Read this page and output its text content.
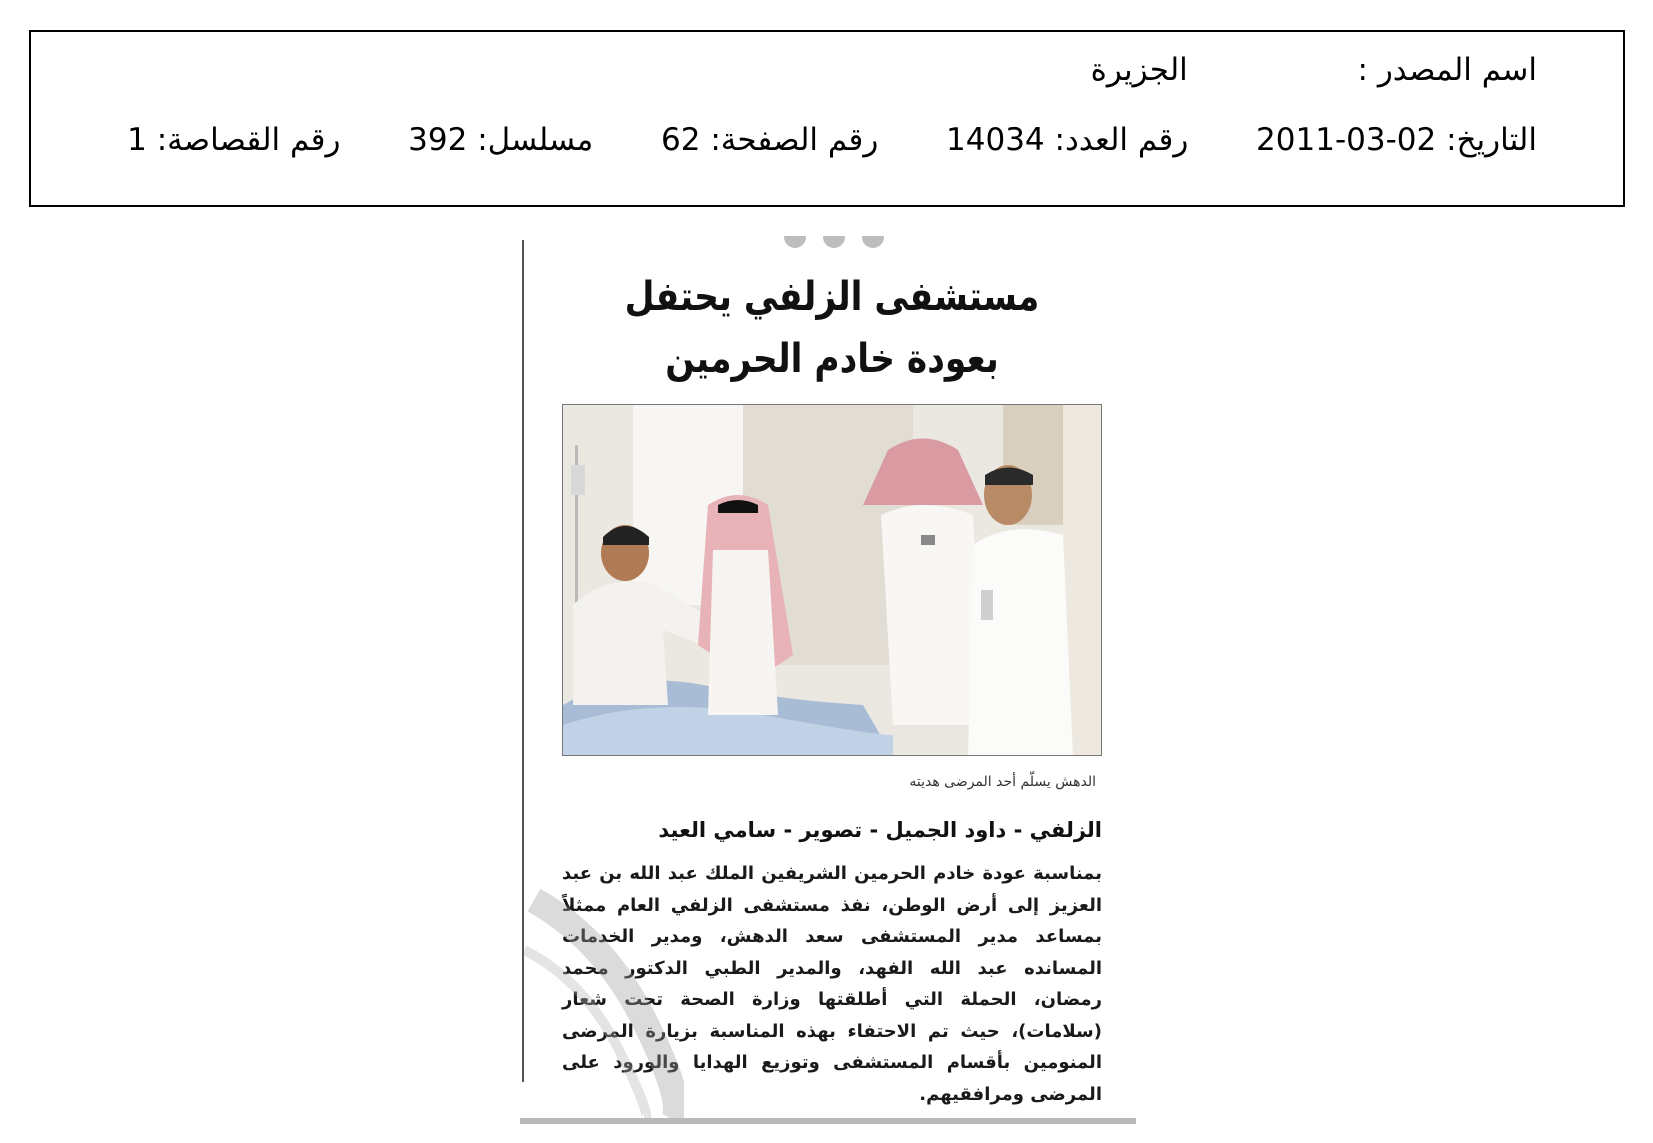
اسم المصدر :  الجزيرة
التاريخ: 2011-03-02  رقم العدد: 14034  رقم الصفحة: 62  مسلسل: 392  رقم القصاصة: 1
مستشفى الزلفي يحتفل
بعودة خادم الحرمين
الدهش يسلّم أحد المرضى هديته
الزلفي - داود الجميل - تصوير - سامي العيد
بمناسبة عودة خادم الحرمين الشريفين الملك عبد الله بن عبد العزيز إلى أرض الوطن، نفذ مستشفى الزلفي العام ممثلاً بمساعد مدير المستشفى سعد الدهش، ومدير الخدمات المسانده عبد الله الفهد، والمدير الطبي الدكتور محمد رمضان، الحملة التي أطلقتها وزارة الصحة تحت شعار (سلامات)، حيث تم الاحتفاء بهذه المناسبة بزيارة المرضى المنومين بأقسام المستشفى وتوزيع الهدايا والورود على المرضى ومرافقيهم.
